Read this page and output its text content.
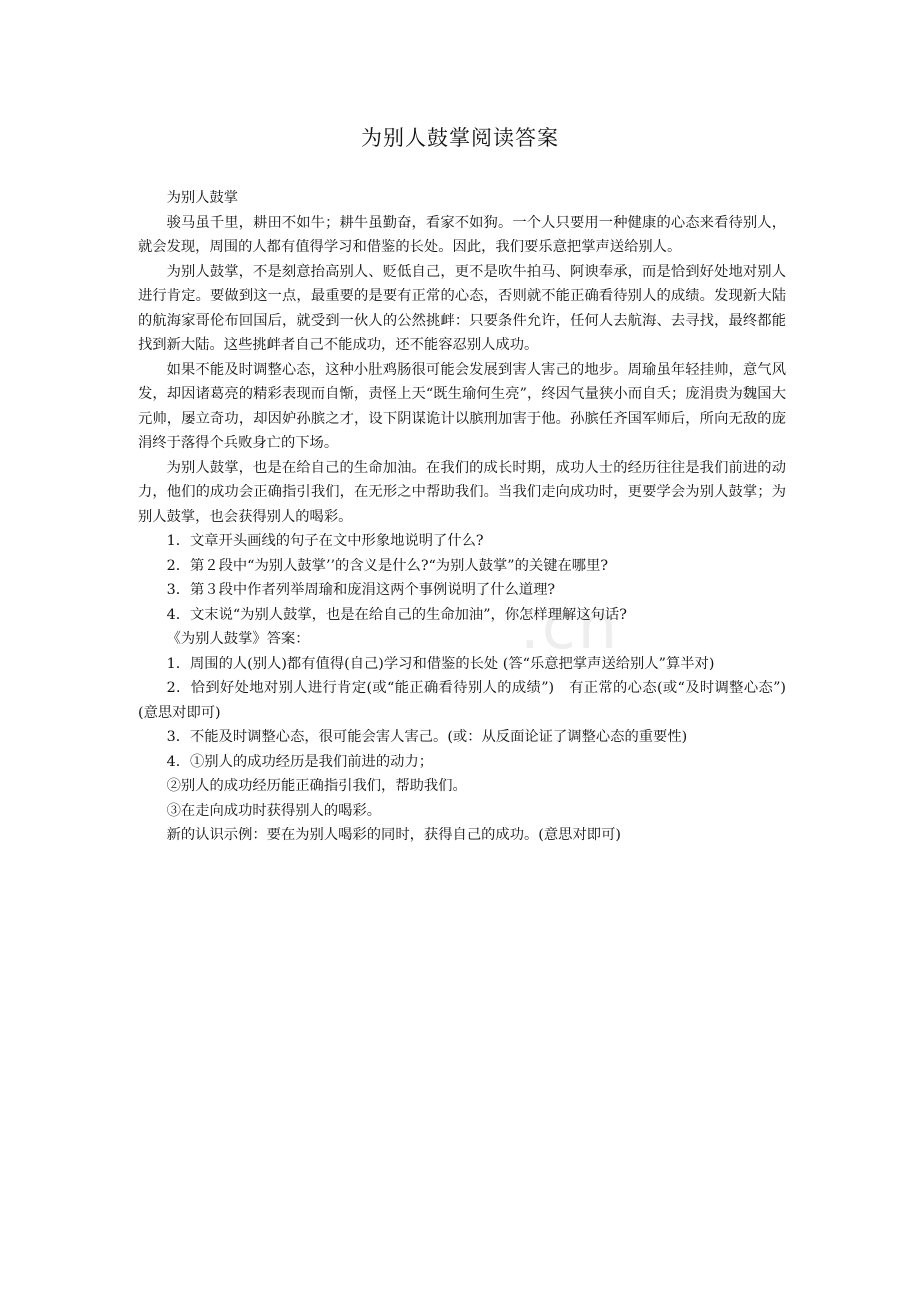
.cn
为别人鼓掌阅读答案

为别人鼓掌

骏马虽千里，耕田不如牛；耕牛虽勤奋，看家不如狗。一个人只要用一种健康的心态来看待别人，就会发现，周围的人都有值得学习和借鉴的长处。因此，我们要乐意把掌声送给别人。

为别人鼓掌，不是刻意抬高别人、贬低自己，更不是吹牛拍马、阿谀奉承，而是恰到好处地对别人进行肯定。要做到这一点，最重要的是要有正常的心态，否则就不能正确看待别人的成绩。发现新大陆的航海家哥伦布回国后，就受到一伙人的公然挑衅：只要条件允许，任何人去航海、去寻找，最终都能找到新大陆。这些挑衅者自己不能成功，还不能容忍别人成功。

如果不能及时调整心态，这种小肚鸡肠很可能会发展到害人害己的地步。周瑜虽年轻挂帅，意气风发，却因诸葛亮的精彩表现而自惭，责怪上天“既生瑜何生亮”，终因气量狭小而自夭；庞涓贵为魏国大元帅，屡立奇功，却因妒孙膑之才，设下阴谋诡计以膑刑加害于他。孙膑任齐国军师后，所向无敌的庞涓终于落得个兵败身亡的下场。

为别人鼓掌，也是在给自己的生命加油。在我们的成长时期，成功人士的经历往往是我们前进的动力，他们的成功会正确指引我们，在无形之中帮助我们。当我们走向成功时，更要学会为别人鼓掌；为别人鼓掌，也会获得别人的喝彩。

1．文章开头画线的句子在文中形象地说明了什么?

2．第２段中“为别人鼓掌’’的含义是什么?“为别人鼓掌”的关键在哪里?

3．第３段中作者列举周瑜和庞涓这两个事例说明了什么道理?

4．文末说“为别人鼓掌，也是在给自己的生命加油”，你怎样理解这句话?

《为别人鼓掌》答案：

1．周围的人(别人)都有值得(自己)学习和借鉴的长处 (答“乐意把掌声送给别人”算半对)

2．恰到好处地对别人进行肯定(或“能正确看待别人的成绩”)　有正常的心态(或“及时调整心态”) (意思对即可)

3．不能及时调整心态，很可能会害人害己。(或：从反面论证了调整心态的重要性)

4．①别人的成功经历是我们前进的动力；

②别人的成功经历能正确指引我们，帮助我们。

③在走向成功时获得别人的喝彩。

新的认识示例：要在为别人喝彩的同时，获得自己的成功。(意思对即可)
